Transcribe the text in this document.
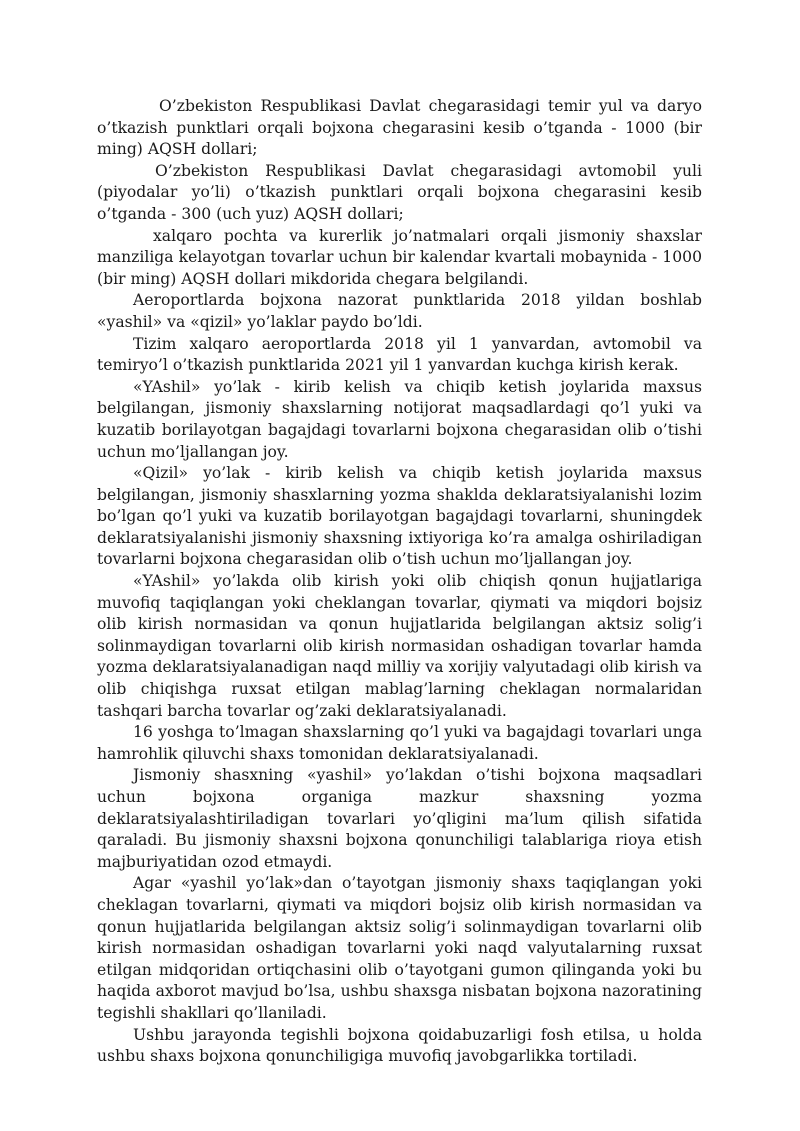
O’zbekiston Respublikasi Davlat chegarasidagi temir yul va daryo o’tkazish punktlari orqali bojxona chegarasini kesib o’tganda - 1000 (bir ming) AQSH dollari;

O’zbekiston Respublikasi Davlat chegarasidagi avtomobil yuli (piyodalar yo’li) o’tkazish punktlari orqali bojxona chegarasini kesib o’tganda - 300 (uch yuz) AQSH dollari;

xalqaro pochta va kurerlik jo’natmalari orqali jismoniy shaxslar manziliga kelayotgan tovarlar uchun bir kalendar kvartali mobaynida - 1000 (bir ming) AQSH dollari mikdorida chegara belgilandi.

Aeroportlarda bojxona nazorat punktlarida 2018 yildan boshlab «yashil» va «qizil» yo’laklar paydo bo’ldi.

Tizim xalqaro aeroportlarda 2018 yil 1 yanvardan, avtomobil va temiryo’l o’tkazish punktlarida 2021 yil 1 yanvardan kuchga kirish kerak.

«YAshil» yo’lak - kirib kelish va chiqib ketish joylarida maxsus belgilangan, jismoniy shaxslarning notijorat maqsadlardagi qo’l yuki va kuzatib borilayotgan bagajdagi tovarlarni bojxona chegarasidan olib o’tishi uchun mo’ljallangan joy.

«Qizil» yo’lak - kirib kelish va chiqib ketish joylarida maxsus belgilangan, jismoniy shasxlarning yozma shaklda deklaratsiyalanishi lozim bo’lgan qo’l yuki va kuzatib borilayotgan bagajdagi tovarlarni, shuningdek deklaratsiyalanishi jismoniy shaxsning ixtiyoriga ko’ra amalga oshiriladigan tovarlarni bojxona chegarasidan olib o’tish uchun mo’ljallangan joy.

«YAshil» yo’lakda olib kirish yoki olib chiqish qonun hujjatlariga muvofiq taqiqlangan yoki cheklangan tovarlar, qiymati va miqdori bojsiz olib kirish normasidan va qonun hujjatlarida belgilangan aktsiz solig’i solinmaydigan tovarlarni olib kirish normasidan oshadigan tovarlar hamda yozma deklaratsiyalanadigan naqd milliy va xorijiy valyutadagi olib kirish va olib chiqishga ruxsat etilgan mablag’larning cheklagan normalaridan tashqari barcha tovarlar og’zaki deklaratsiyalanadi.

16 yoshga to’lmagan shaxslarning qo’l yuki va bagajdagi tovarlari unga hamrohlik qiluvchi shaxs tomonidan deklaratsiyalanadi.

Jismoniy shasxning «yashil» yo’lakdan o’tishi bojxona maqsadlari uchun bojxona organiga mazkur shaxsning yozma deklaratsiyalashtiriladigan tovarlari yo’qligini ma’lum qilish sifatida qaraladi. Bu jismoniy shaxsni bojxona qonunchiligi talablariga rioya etish majburiyatidan ozod etmaydi.

Agar «yashil yo’lak»dan o’tayotgan jismoniy shaxs taqiqlangan yoki cheklagan tovarlarni, qiymati va miqdori bojsiz olib kirish normasidan va qonun hujjatlarida belgilangan aktsiz solig’i solinmaydigan tovarlarni olib kirish normasidan oshadigan tovarlarni yoki naqd valyutalarning ruxsat etilgan midqoridan ortiqchasini olib o’tayotgani gumon qilinganda yoki bu haqida axborot mavjud bo’lsa, ushbu shaxsga nisbatan bojxona nazoratining tegishli shakllari qo’llaniladi.

Ushbu jarayonda tegishli bojxona qoidabuzarligi fosh etilsa, u holda ushbu shaxs bojxona qonunchiligiga muvofiq javobgarlikka tortiladi.
